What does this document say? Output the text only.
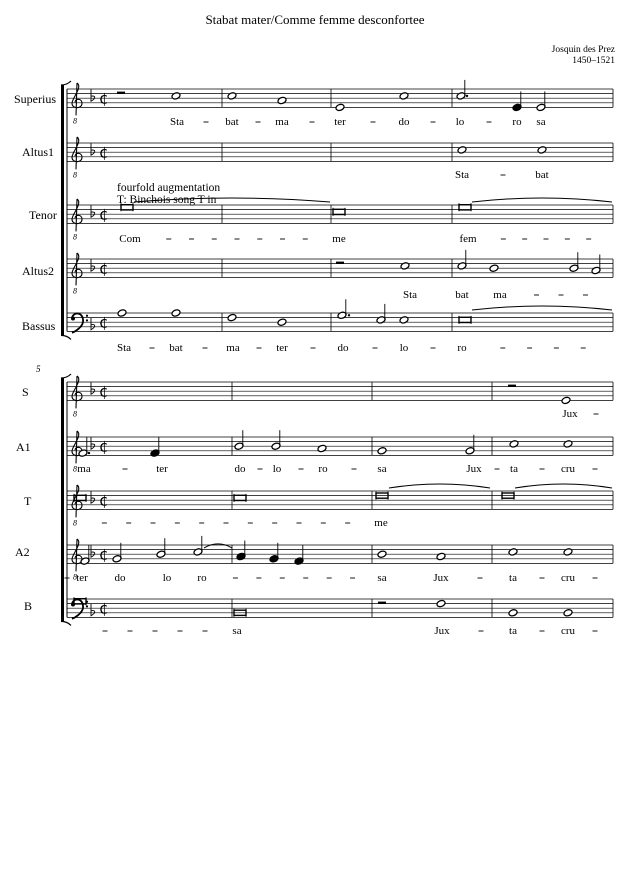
Stabat mater/Comme femme desconfortee
Josquin des Prez
1450–1521
Superius
Altus1
Tenor
Altus2
Bassus
S
A1
T
A2
B
5
fourfold augmentation
T: Binchois song T in
Sta	bat	ma	ter	do	lo	ro sa
Sta	bat
Com	me	fem
Sta	bat ma
Sta	bat	ma	ter	do	lo	ro
Jux
ma	ter	do lo	ro	sa	Jux	ta	cru
me
ter do	lo ro	sa	Jux	ta	cru
sa	Jux	ta	cru
8
¢
8
¢
8
¢
8
¢
¢
8
¢
8
¢
8
¢
8
¢
¢
